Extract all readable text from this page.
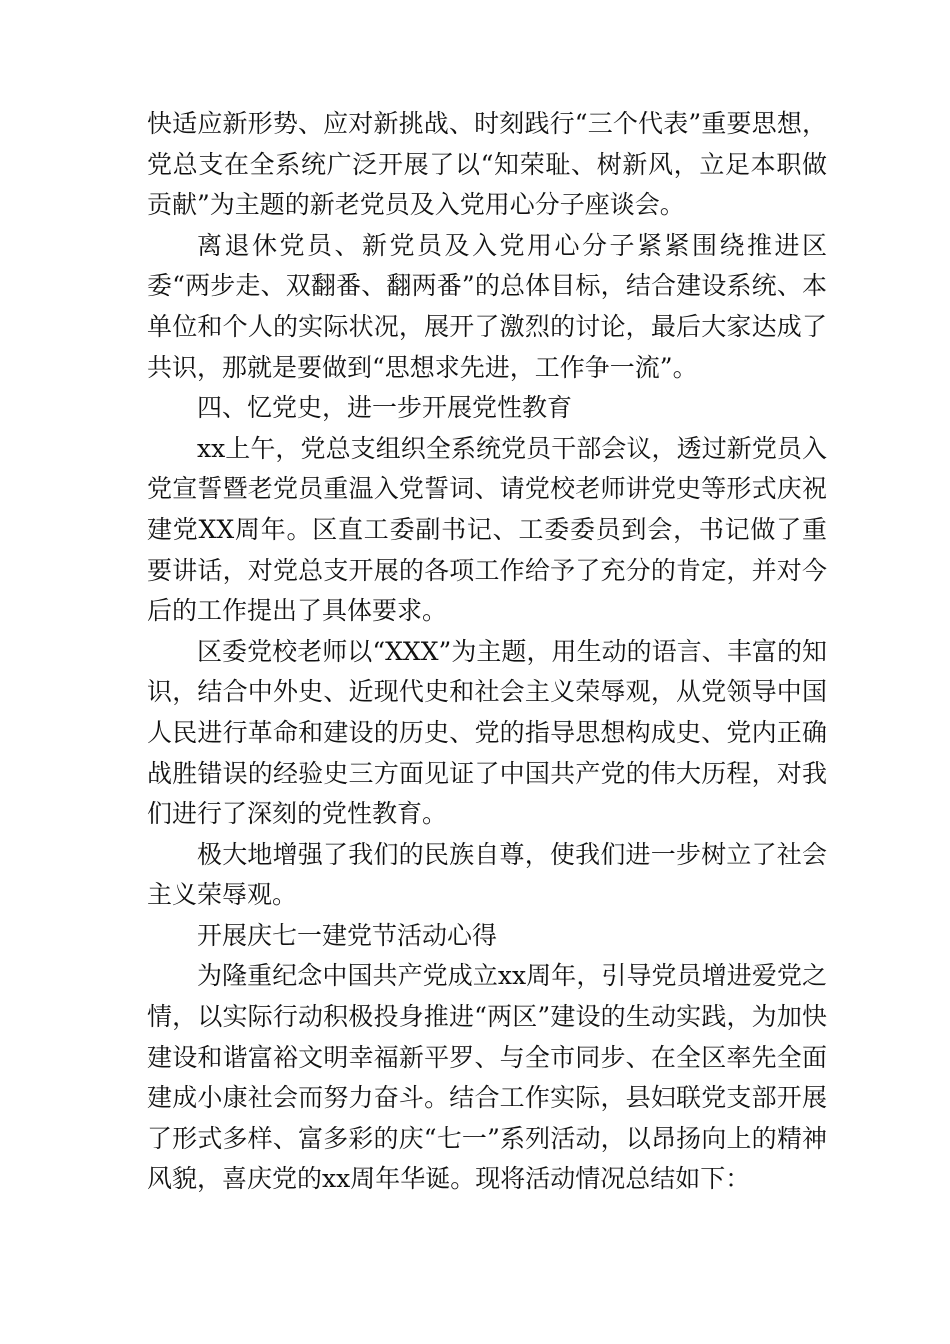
快适应新形势、应对新挑战、时刻践行“三个代表”重要思想，党总支在全系统广泛开展了以“知荣耻、树新风，立足本职做贡献”为主题的新老党员及入党用心分子座谈会。

离退休党员、新党员及入党用心分子紧紧围绕推进区委“两步走、双翻番、翻两番”的总体目标，结合建设系统、本单位和个人的实际状况，展开了激烈的讨论，最后大家达成了共识，那就是要做到“思想求先进，工作争一流”。

四、忆党史，进一步开展党性教育

xx上午，党总支组织全系统党员干部会议，透过新党员入党宣誓暨老党员重温入党誓词、请党校老师讲党史等形式庆祝建党XX周年。区直工委副书记、工委委员到会，书记做了重要讲话，对党总支开展的各项工作给予了充分的肯定，并对今后的工作提出了具体要求。

区委党校老师以“XXX”为主题，用生动的语言、丰富的知识，结合中外史、近现代史和社会主义荣辱观，从党领导中国人民进行革命和建设的历史、党的指导思想构成史、党内正确战胜错误的经验史三方面见证了中国共产党的伟大历程，对我们进行了深刻的党性教育。

极大地增强了我们的民族自尊，使我们进一步树立了社会主义荣辱观。

开展庆七一建党节活动心得

为隆重纪念中国共产党成立xx周年，引导党员增进爱党之情，以实际行动积极投身推进“两区”建设的生动实践，为加快建设和谐富裕文明幸福新平罗、与全市同步、在全区率先全面建成小康社会而努力奋斗。结合工作实际，县妇联党支部开展了形式多样、富多彩的庆“七一”系列活动，以昂扬向上的精神风貌，喜庆党的xx周年华诞。现将活动情况总结如下：
